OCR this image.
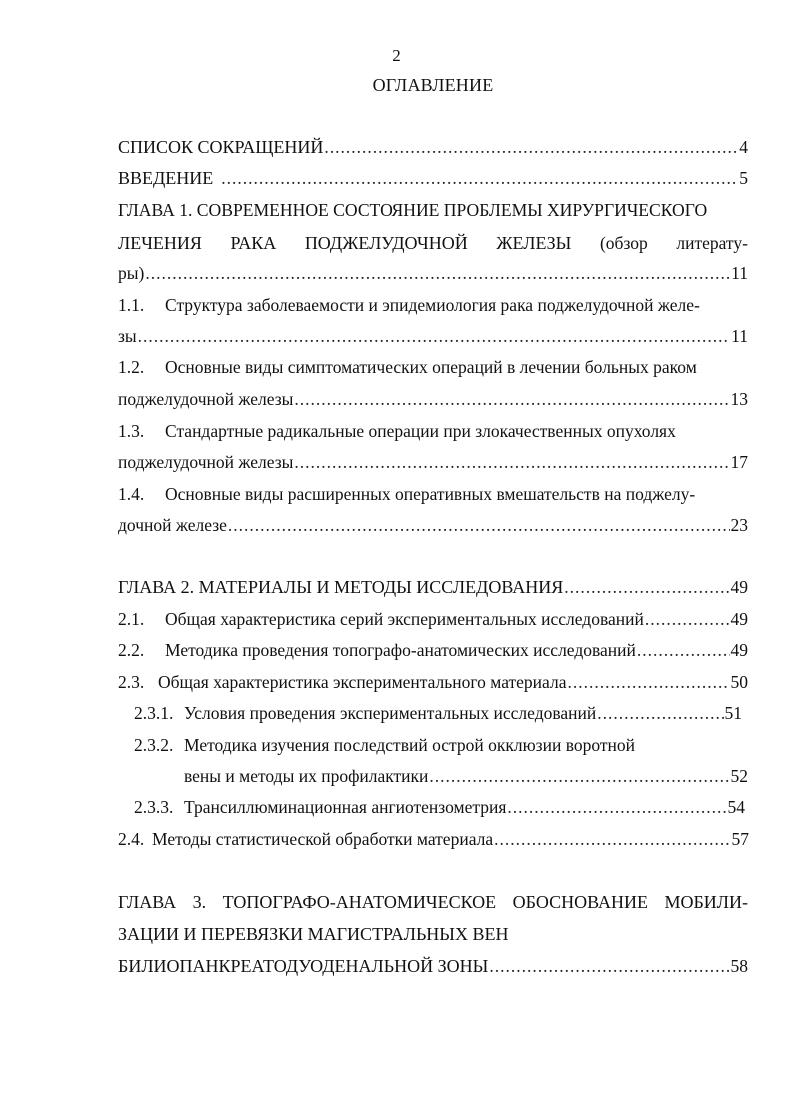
2
ОГЛАВЛЕНИЕ
СПИСОК СОКРАЩЕНИЙ .....	4
ВВЕДЕНИЕ .....	5
ГЛАВА 1. СОВРЕМЕННОЕ СОСТОЯНИЕ ПРОБЛЕМЫ ХИРУРГИЧЕСКОГО
ЛЕЧЕНИЯ РАКА ПОДЖЕЛУДОЧНОЙ ЖЕЛЕЗЫ (обзор литерату-
ры) .....	11
1.1. Структура заболеваемости и эпидемиология рака поджелудочной желе-
зы .....	11
1.2. Основные виды симптоматических операций в лечении больных раком
поджелудочной железы .....	13
1.3. Стандартные радикальные операции при злокачественных опухолях
поджелудочной железы .....	17
1.4. Основные виды расширенных оперативных вмешательств на поджелу-
дочной железе .....	23
ГЛАВА 2. МАТЕРИАЛЫ И МЕТОДЫ ИССЛЕДОВАНИЯ .....	49
2.1. Общая характеристика серий экспериментальных исследований .....	49
2.2. Методика проведения топографо-анатомических исследований .....	49
2.3. Общая характеристика экспериментального материала .....	50
2.3.1. Условия проведения экспериментальных исследований .....	51
2.3.2. Методика изучения последствий острой окклюзии воротной
вены и методы их профилактики .....	52
2.3.3. Трансиллюминационная ангиотензометрия .....	54
2.4. Методы статистической обработки материала .....	57
ГЛАВА 3. ТОПОГРАФО-АНАТОМИЧЕСКОЕ ОБОСНОВАНИЕ МОБИЛИ-
ЗАЦИИ И ПЕРЕВЯЗКИ МАГИСТРАЛЬНЫХ ВЕН
БИЛИОПАНКРЕАТОДУОДЕНАЛЬНОЙ ЗОНЫ .....	58
